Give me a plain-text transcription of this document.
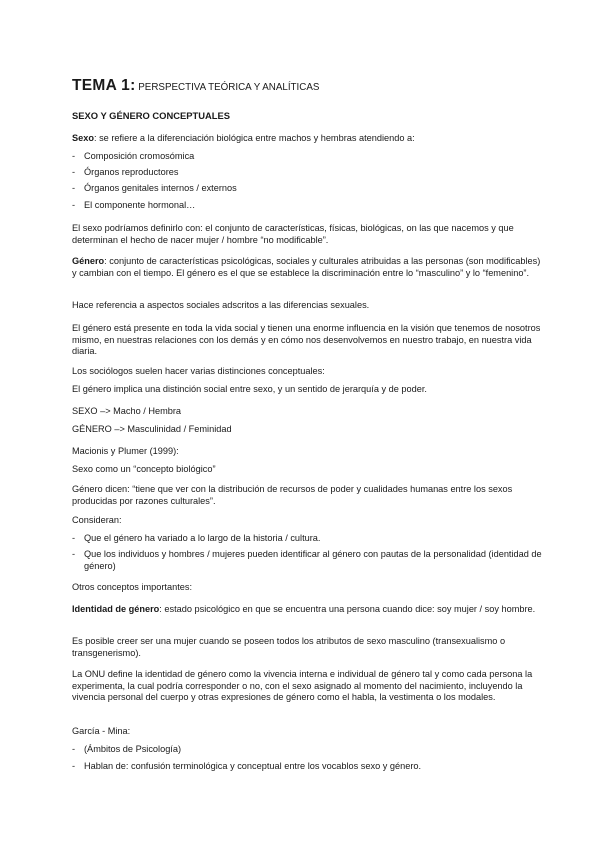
TEMA 1: PERSPECTIVA TEÓRICA Y ANALÍTICAS
SEXO Y GÉNERO CONCEPTUALES
Sexo: se refiere a la diferenciación biológica entre machos y hembras atendiendo a:
- Composición cromosómica
- Órganos reproductores
- Órganos genitales internos / externos
- El componente hormonal…
El sexo podríamos definirlo con: el conjunto de características, físicas, biológicas, on las que nacemos y que determinan el hecho de nacer mujer / hombre “no modificable”.
Género: conjunto de características psicológicas, sociales y culturales atribuidas a las personas (son modificables) y cambian con el tiempo. El género es el que se establece la discriminación entre lo “masculino” y lo “femenino”.
Hace referencia a aspectos sociales adscritos a las diferencias sexuales.
El género está presente en toda la vida social y tienen una enorme influencia en la visión que tenemos de nosotros mismo, en nuestras relaciones con los demás y en cómo nos desenvolvemos en nuestro trabajo, en nuestra vida diaria.
Los sociólogos suelen hacer varias distinciones conceptuales:
El género implica una distinción social entre sexo, y un sentido de jerarquía y de poder.
SEXO –> Macho / Hembra
GÉNERO –> Masculinidad / Feminidad
Macionis y Plumer (1999):
Sexo como un “concepto biológico”
Género dicen: “tiene que ver con la distribución de recursos de poder y cualidades humanas entre los sexos producidas por razones culturales”.
Consideran:
- Que el género ha variado a lo largo de la historia / cultura.
- Que los individuos y hombres / mujeres pueden identificar al género con pautas de la personalidad (identidad de género)
Otros conceptos importantes:
Identidad de género: estado psicológico en que se encuentra una persona cuando dice: soy mujer / soy hombre.
Es posible creer ser una mujer cuando se poseen todos los atributos de sexo masculino (transexualismo o transgenerismo).
La ONU define la identidad de género como la vivencia interna e individual de género tal y como cada persona la experimenta, la cual podría corresponder o no, con el sexo asignado al momento del nacimiento, incluyendo la vivencia personal del cuerpo y otras expresiones de género como el habla, la vestimenta o los modales.
García - Mina:
- (Ámbitos de Psicología)
- Hablan de: confusión terminológica y conceptual entre los vocablos sexo y género.
